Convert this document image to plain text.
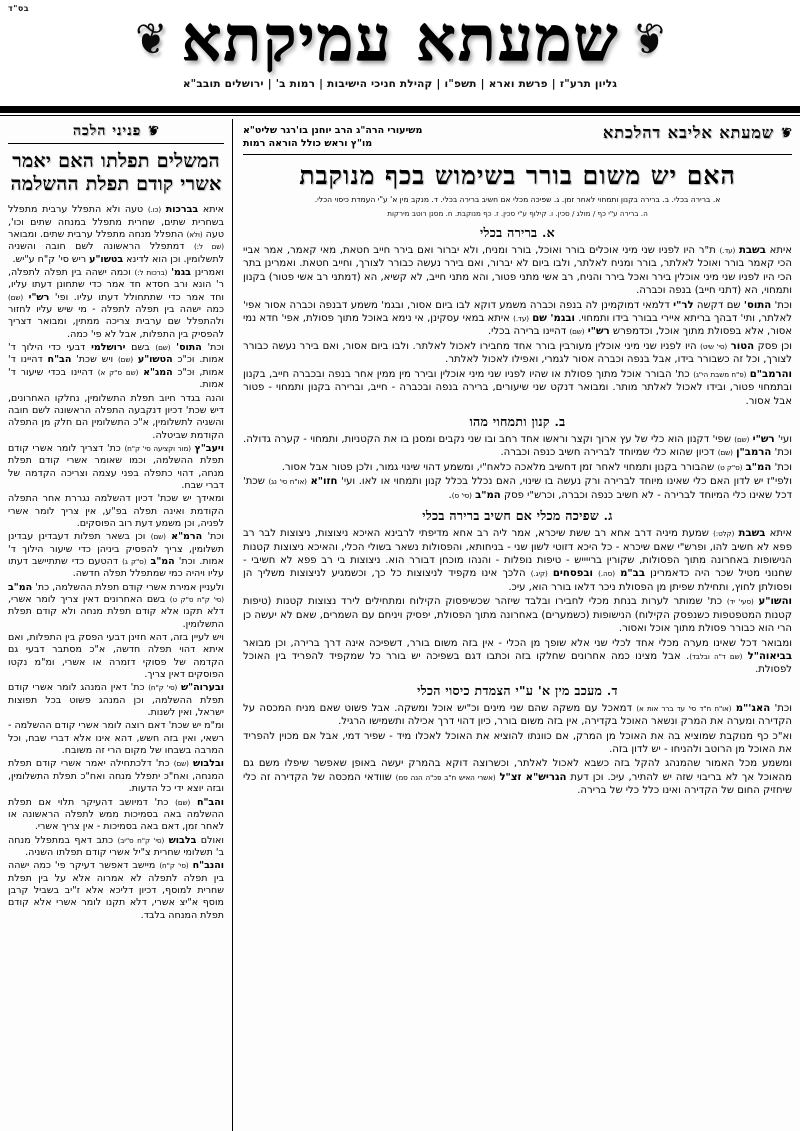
בס"ד
❦
שמעתא עמיקתא
❦
גליון תרע"ז|פרשת וארא|תשפ"ו|קהילת חניכי הישיבות|רמות ב'|ירושלים תובב"א
❦
שמעתא אליבא דהלכתא
משיעורי הרה"ג הרב יוחנן בו'רגר שליט"א
מו"ץ וראש כולל הוראה רמות
האם יש משום בורר בשימוש בכף מנוקבת
א. ברירה בכלי. ב. ברירה בקנון ותמחוי לאחר זמן. ג. שפיכה מכלי אם חשיב ברירה בכלי. ד. מנקב מין א' ע"י העמדת כיסוי הכלי.
ה. ברירה ע"י כף / מולג / סכין. ו. קילוף ע"י סכין. ז. כף מנוקבת. ח. מסנן רוטב מירקות
א. ברירה בכלי

איתא בשבת (עד.) ת"ר היו לפניו שני מיני אוכלים בורר ואוכל, בורר ומניח, ולא יברור ואם בירר חייב חטאת, מאי קאמר, אמר אביי הכי קאמר בורר ואוכל לאלתר, בורר ומניח לאלתר, ולבו ביום לא יברור, ואם בירר נעשה כבורר לצורך, וחייב חטאת. ואמרינן בתר הכי היו לפניו שני מיני אוכלין בירר ואכל בירר והניח, רב אשי מתני פטור, והא מתני חייב, לא קשיא, הא (דמתני רב אשי פטור) בקנון ותמחוי, הא (דתני חייב) בנפה וכברה.

וכת' התוס' שם דקשה לר"י דלמאי דמוקמינן לה בנפה וכברה משמע דוקא לבו ביום אסור, ובגמ' משמע דבנפה וכברה אסור אפי' לאלתר, ותי' דבהך בריתא איירי בבורר בידו ותמחוי. ובגמ' שם (עד.) איתא במאי עסקינן, אי נימא באוכל מתוך פסולת, אפי' חדא נמי אסור, אלא בפסולת מתוך אוכל, וכדמפרש רש"י (שם) דהיינו ברירה בכלי.

וכן פסק הטור (סי' שיט) היו לפניו שני מיני אוכלין מעורבין בורר אחד מחבירו לאכול לאלתר. ולבו ביום אסור, ואם בירר נעשה כבורר לצורך, וכל זה כשבורר בידו, אבל בנפה וכברה אסור לגמרי, ואפילו לאכול לאלתר.

והרמב"ם (פ"ח משבת הי"ג) כת' הבורר אוכל מתוך פסולת או שהיו לפניו שני מיני אוכלין ובירר מין ממין אחר בנפה ובכברה חייב, בקנון ובתמחוי פטור, ובידו לאכול לאלתר מותר. ומבואר דנקט שני שיעורים, ברירה בנפה ובכברה - חייב, וברירה בקנון ותמחוי - פטור אבל אסור.

ב. קנון ותמחוי מהו

ועי' רש"י (שם) שפי' דקנון הוא כלי של עץ ארוך וקצר וראשו אחד רחב ובו שני נקבים ומסנן בו את הקטניות, ותמחוי - קערה גדולה. וכת' הרמב"ן (שם) דכיון שהוא כלי שמיוחד לברירה חשיב כנפה וכברה.

וכת' המ"ב (ס"ק ט) שהבורר בקנון ותמחוי לאחר זמן דחשיב מלאכה כלאח"י, ומשמע דהוי שינוי גמור, ולכן פטור אבל אסור.

ולפי"ז יש לדון האם כלי שאינו מיוחד לברירה ורק נעשה בו שינוי, האם נכלל בכלל קנון ותמחוי או לאו. ועי' חזו"א (או"ח סי' נג) שכת' דכל שאינו כלי המיוחד לברירה - לא חשיב כנפה וכברה, וכרש"י פסק המ"ב (סי' ס).

ג. שפיכה מכלי אם חשיב ברירה בכלי

איתא בשבת (קלט:) שמעת מיניה דרב אחא רב ששת שיכרא, אמר ליה רב אחא מדיפתי לרבינא האיכא ניצוצות, ניצוצות לבר רב פפא לא חשיב להו, ופרש"י שאם שיכרא - כל היכא דזוטי לשון שני - בניחותא, והפסולות נשאר בשולי הכלי, והאיכא ניצוצות קטנות הנישופות באחרונה מתוך הפסולות, שקורין ברייייש - טיפות נופלות - והנהו מוכחן דבורר הוא. ניצוצות בי רב פפא לא חשיבי - שחנוני מטיל שכר היה כדאמרינן בב"מ (סה.) ובפסחים (קיג.) הלכך אינו מקפיד לניצוצות כל כך, וכשמגיע לניצוצות משליך הן ופסולתן לחוץ, ותחילת שפיתן מן הפסולת ניכר דלאו בורר הוא, עיכ.

והשו"ע (סעי' יד) כת' שמותר לערות בנחת מכלי לחבירו ובלבד שיזהר שכשיפסוק הקילוח ומתחילים לירד נצוצות קטנות (טיפות קטנות המטפטפות כשנפסק הקילוח) הנישופות (כשמערים) באחרונה מתוך הפסולת, יפסיק ויניחם עם השמרים, שאם לא יעשה כן הרי הוא כבורר פסולת מתוך אוכל ואסור.

ומבואר דכל שאינו מערה מכלי אחד לכלי שני אלא שופך מן הכלי - אין בזה משום בורר, דשפיכה אינה דרך ברירה, וכן מבואר בביאוה"ל (שם ד"ה ובלבד). אבל מצינו כמה אחרונים שחלקו בזה וכתבו דגם בשפיכה יש בורר כל שמקפיד להפריד בין האוכל לפסולת.

ד. מעכב מין א' ע"י הצמדת כיסוי הכלי

וכת' האג'"מ (או"ח ח"ד סי' עד ברר אות א) דמאכל עם משקה שהם שני מינים וכ"יש אוכל ומשקה. אבל פשוט שאם מניח המכסה על הקדירה ומערה את המרק ונשאר האוכל בקדירה, אין בזה משום בורר, כיון דהוי דרך אכילה ותשמישו הרגיל.

וא"כ כף מנוקבת שמוציא בה את האוכל מן המרק, אם כוונתו להוציא את האוכל לאכלו מיד - שפיר דמי, אבל אם מכוין להפריד את האוכל מן הרוטב ולהניחו - יש לדון בזה.

ומשמע מכל האמור שהמנהג להקל בזה כשבא לאכול לאלתר, וכשרוצה דוקא בהמרק יעשה באופן שאפשר שיפלו משם גם מהאוכל אך לא בריבוי שזה יש להתיר, עיכ. וכן דעת הגריש"א זצ"ל (אשרי האיש ח"ב פכ"ה הנה סמ) שוודאי המכסה של הקדירה זה כלי שיחזיק החום של הקדירה ואינו כלל כלי של ברירה.

❦
פניני הלכה
המשלים תפלתו האם יאמר אשרי קודם תפלת ההשלמה

איתא בברכות (כו.) טעה ולא התפלל ערבית מתפלל בשחרית שתים, שחרית מתפלל במנחה שתים וכו', טעה (ולא) התפלל מנחה מתפלל ערבית שתים. ומבואר (שם ל:) דמתפלל הראשונה לשם חובה והשניה לתשלומין. וכן הוא לדינא בטשו"ע ריש סי' ק"ח ע"יש.

ואמרינן בגמ' (ברכות ל:) וכמה ישהה בין תפלה לתפלה, ר' הונא ורב חסדא חד אמר כדי שתחונן דעתו עליו, וחד אמר כדי שתתחולל דעתו עליו. ופי' רש"י (שם) כמה ישהה בין תפלה לתפלה - מי שיש עליו לחזור ולהתפלל שם ערבית צריכה ממתין, ומבואר דצריך להפסיק בין התפלות, אבל לא פי' כמה.

וכת' התוס' (שם) בשם ירושלמי דבעי כדי הילוך ד' אמות. וכ"כ הטשו"ע (שם) ויש שכת' הב"ח דהיינו ד' אמות, וכ"כ המג"א (שם ס"ק א) דהיינו בכדי שיעור ד' אמות.

והנה בגדר חיוב תפלת התשלומין, נחלקו האחרונים, דיש שכת' דכיון דנקבעה התפלה הראשונה לשם חובה והשניה לתשלומין, א"כ התשלומין הם חלק מן התפלה הקודמת שביטלה.

ויעב"ץ (מור וקציעה סי' ק"ח) כת' דצריך לומר אשרי קודם תפלת ההשלמה, וכמו שאומר אשרי קודם תפלת מנחה, דהוי כתפלה בפני עצמה וצריכה הקדמה של דברי שבח.

ומאידך יש שכת' דכיון דהשלמה נגררת אחר התפלה הקודמת ואינה תפלה בפ"ע, אין צריך לומר אשרי לפניה, וכן משמע דעת רוב הפוסקים.

וכת' הרמ"א (שם) וכן בשאר תפלות דעבדינן עבדינן תשלומין, צריך להפסיק ביניהן כדי שיעור הילוך ד' אמות. וכת' המ"ב (ס"ק ג) דהטעם כדי שתתיישב דעתו עליו ויהיה כמי שמתפלל תפלה חדשה.

ולעניין אמירת אשרי קודם תפלת ההשלמה, כת' המ"ב (סי' ק"ח ס"ק ט) בשם האחרונים דאין צריך לומר אשרי, דלא תקנו אלא קודם תפלת מנחה ולא קודם תפלת התשלומין.

ויש לעיין בזה, דהא חזינן דבעי הפסק בין התפלות, ואם איתא דהוי תפלה חדשה, א"כ מסתבר דבעי גם הקדמה של פסוקי דזמרה או אשרי, ומ"מ נקטו הפוסקים דאין צריך.

ובערוה"ש (סי' ק"ח) כת' דאין המנהג לומר אשרי קודם תפלת ההשלמה, וכן המנהג פשוט בכל תפוצות ישראל, ואין לשנות.

ומ"מ יש שכת' דאם רוצה לומר אשרי קודם ההשלמה - רשאי, ואין בזה חשש, דהא אינו אלא דברי שבח, וכל המרבה בשבחו של מקום הרי זה משובח.

ובלבוש (שם) כת' דלכתחילה יאמר אשרי קודם תפלת המנחה, ואח"כ יתפלל מנחה ואח"כ תפלת התשלומין, ובזה יוצא ידי כל הדעות.

והב"ח (שם) כת' דמיושב דהעיקר תלוי אם תפלת ההשלמה באה בסמיכות ממש לתפלה הראשונה או לאחר זמן, דאם באה בסמיכות - אין צריך אשרי.

ואולם בלבוש (סי' ק"ח ס"יב) כתב דאף במתפלל מנחה ב' תשלומי שחרית צ"יל אשרי קודם תפלתו השניה.

והנב"ח (סי' ק"ח) מיישב דאפשר דעיקר פי' כמה ישהה בין תפלה לתפלה לא אמרוה אלא על בין תפלת שחרית למוסף, דכיון דליכא אלא ז"יב בשביל קרבן מוסף א"יצ אשרי, דלא תקנו לומר אשרי אלא קודם תפלת המנחה בלבד.
